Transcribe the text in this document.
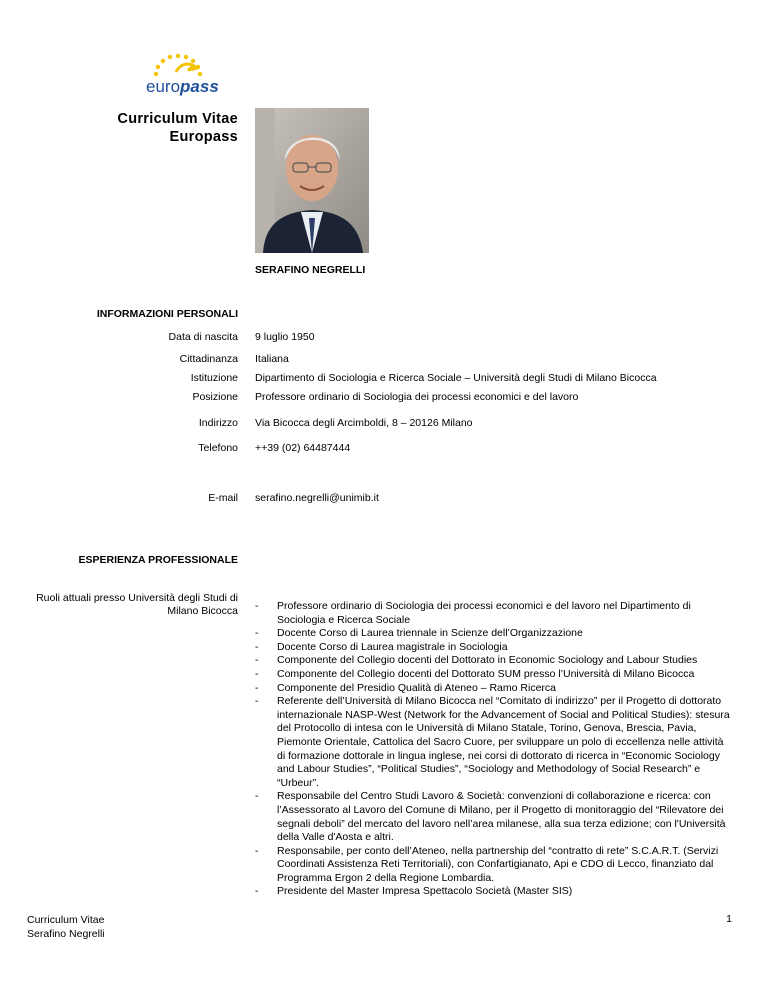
europass
Curriculum Vitae
Europass
SERAFINO NEGRELLI
INFORMAZIONI PERSONALI
Data di nascita 9 luglio 1950
Cittadinanza Italiana
Istituzione Dipartimento di Sociologia e Ricerca Sociale – Università degli Studi di Milano Bicocca
Posizione Professore ordinario di Sociologia dei processi economici e del lavoro
Indirizzo Via Bicocca degli Arcimboldi, 8 – 20126 Milano
Telefono ++39 (02) 64487444
E-mail serafino.negrelli@unimib.it
ESPERIENZA PROFESSIONALE
Ruoli attuali presso Università degli Studi di Milano Bicocca - Professore ordinario di Sociologia dei processi economici e del lavoro nel Dipartimento di Sociologia e Ricerca Sociale
- Docente Corso di Laurea triennale in Scienze dell’Organizzazione
- Docente Corso di Laurea magistrale in Sociologia
- Componente del Collegio docenti del Dottorato in Economic Sociology and Labour Studies
- Componente del Collegio docenti del Dottorato SUM presso l’Università di Milano Bicocca
- Componente del Presidio Qualità di Ateneo – Ramo Ricerca
- Referente dell’Università di Milano Bicocca nel “Comitato di indirizzo” per il Progetto di dottorato internazionale NASP-West (Network for the Advancement of Social and Political Studies): stesura del Protocollo di intesa con le Università di Milano Statale, Torino, Genova, Brescia, Pavia, Piemonte Orientale, Cattolica del Sacro Cuore, per sviluppare un polo di eccellenza nelle attività di formazione dottorale in lingua inglese, nei corsi di dottorato di ricerca in “Economic Sociology and Labour Studies”, “Political Studies”, “Sociology and Methodology of Social Research” e “Urbeur”.
- Responsabile del Centro Studi Lavoro & Società: convenzioni di collaborazione e ricerca: con l’Assessorato al Lavoro del Comune di Milano, per il Progetto di monitoraggio del “Rilevatore dei segnali deboli” del mercato del lavoro nell’area milanese, alla sua terza edizione; con l'Università della Valle d'Aosta e altri.
- Responsabile, per conto dell’Ateneo, nella partnership del “contratto di rete” S.C.A.R.T. (Servizi Coordinati Assistenza Reti Territoriali), con Confartigianato, Api e CDO di Lecco, finanziato dal Programma Ergon 2 della Regione Lombardia.
- Presidente del Master Impresa Spettacolo Società (Master SIS)
Curriculum Vitae
Serafino Negrelli
1
